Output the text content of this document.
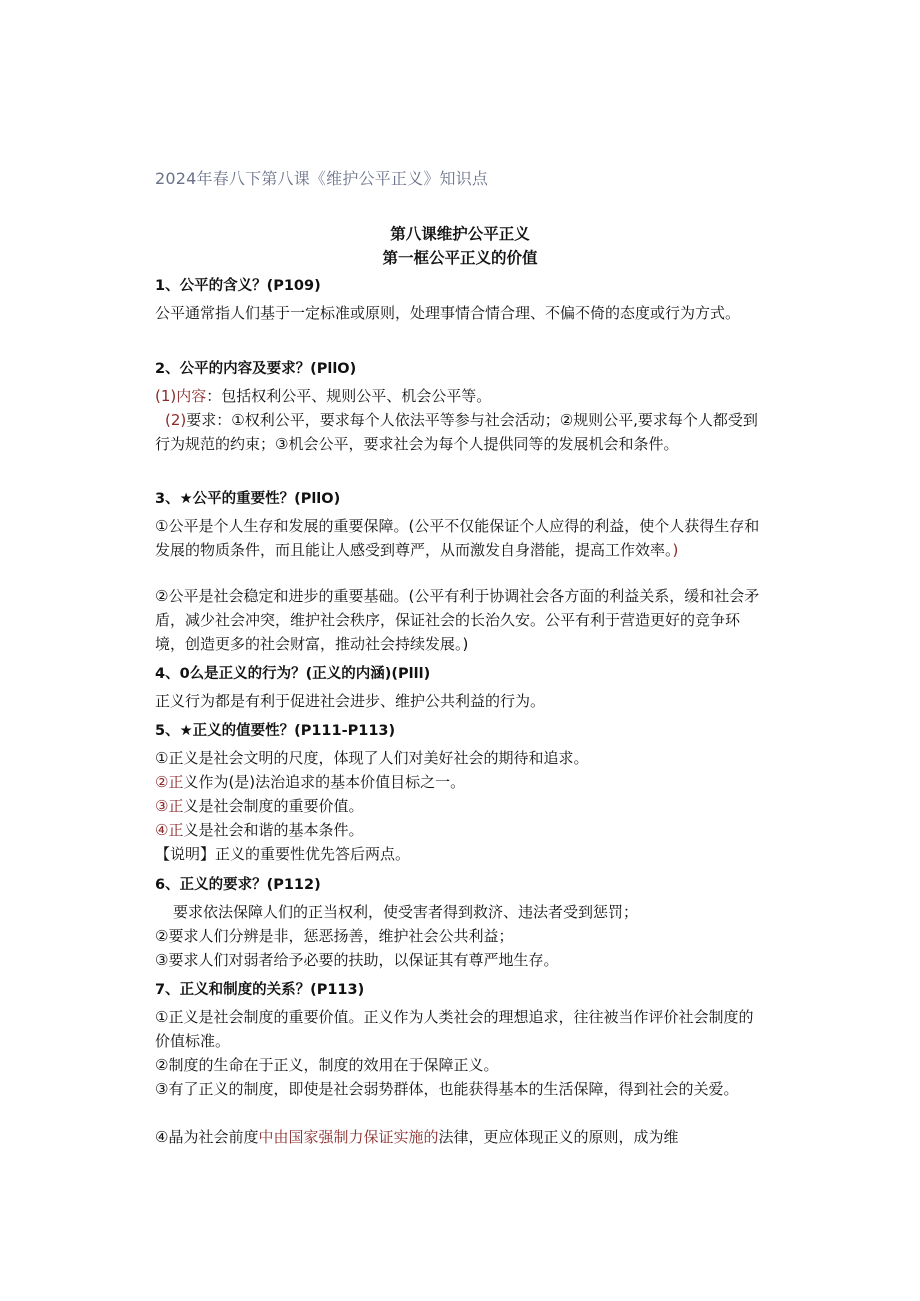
2024年春八下第八课《维护公平正义》知识点
第八课维护公平正义
第一框公平正义的价值
1、公平的含义？(P109)
公平通常指人们基于一定标准或原则，处理事情合情合理、不偏不倚的态度或行为方式。
2、公平的内容及要求？(PllO)
(1)内容：包括权利公平、规则公平、机会公平等。
(2)要求：①权利公平，要求每个人依法平等参与社会活动；②规则公平,要求每个人都受到行为规范的约束；③机会公平，要求社会为每个人提供同等的发展机会和条件。
3、★公平的重要性？(PllO)
①公平是个人生存和发展的重要保障。(公平不仅能保证个人应得的利益，使个人获得生存和发展的物质条件，而且能让人感受到尊严，从而激发自身潜能，提高工作效率。)
②公平是社会稳定和进步的重要基础。(公平有利于协调社会各方面的利益关系，缓和社会矛盾，减少社会冲突，维护社会秩序，保证社会的长治久安。公平有利于营造更好的竞争环境，创造更多的社会财富，推动社会持续发展。)
4、0么是正义的行为？(正义的内涵)(Plll)
正义行为都是有利于促进社会进步、维护公共利益的行为。
5、★正义的值要性？(P111-P113)
①正义是社会文明的尺度，体现了人们对美好社会的期待和追求。
②正义作为(是)法治追求的基本价值目标之一。
③正义是社会制度的重要价值。
④正义是社会和谐的基本条件。
【说明】正义的重要性优先答后两点。
6、正义的要求？(P112)
要求依法保障人们的正当权利，使受害者得到救济、违法者受到惩罚；
②要求人们分辨是非，惩恶扬善，维护社会公共利益；
③要求人们对弱者给予必要的扶助，以保证其有尊严地生存。
7、正义和制度的关系？(P113)
①正义是社会制度的重要价值。正义作为人类社会的理想追求，往往被当作评价社会制度的价值标准。
②制度的生命在于正义，制度的效用在于保障正义。
③有了正义的制度，即使是社会弱势群体，也能获得基本的生活保障，得到社会的关爱。
④晶为社会前度中由国家强制力保证实施的法律，更应体现正义的原则，成为维
